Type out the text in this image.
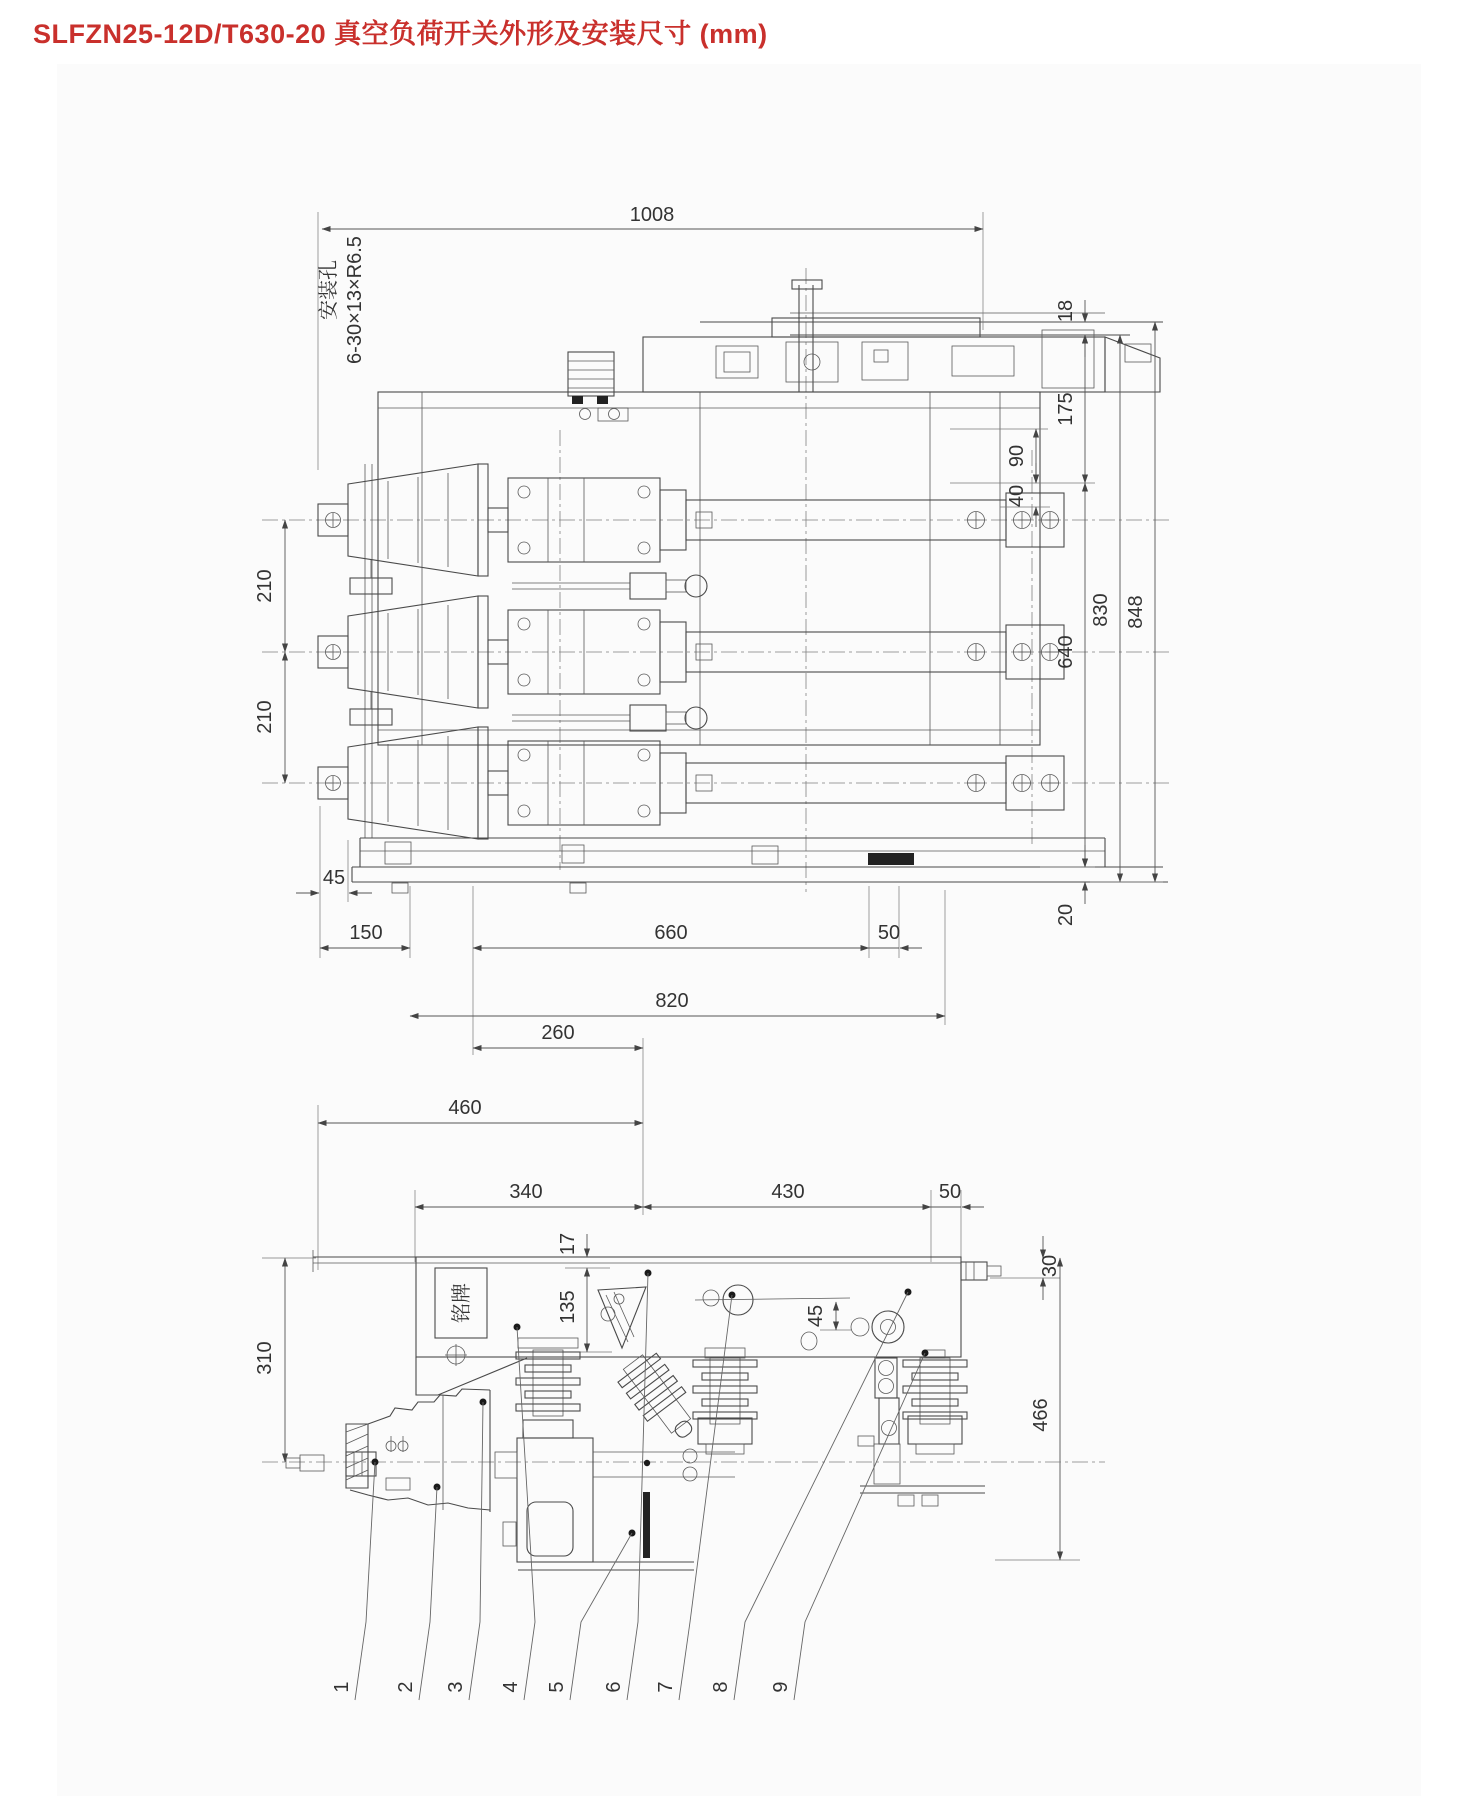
SLFZN25-12D/T630-20 真空负荷开关外形及安装尺寸 (mm)
安装孔 6-30×13×R6.5
1008
18
175
90
40
640
830 848
20
210
210
45
150	660	50
820
260
460
340	430	50
铭牌	45
17
135
310
30
466
1 2 3 4 5 6 7 8 9
